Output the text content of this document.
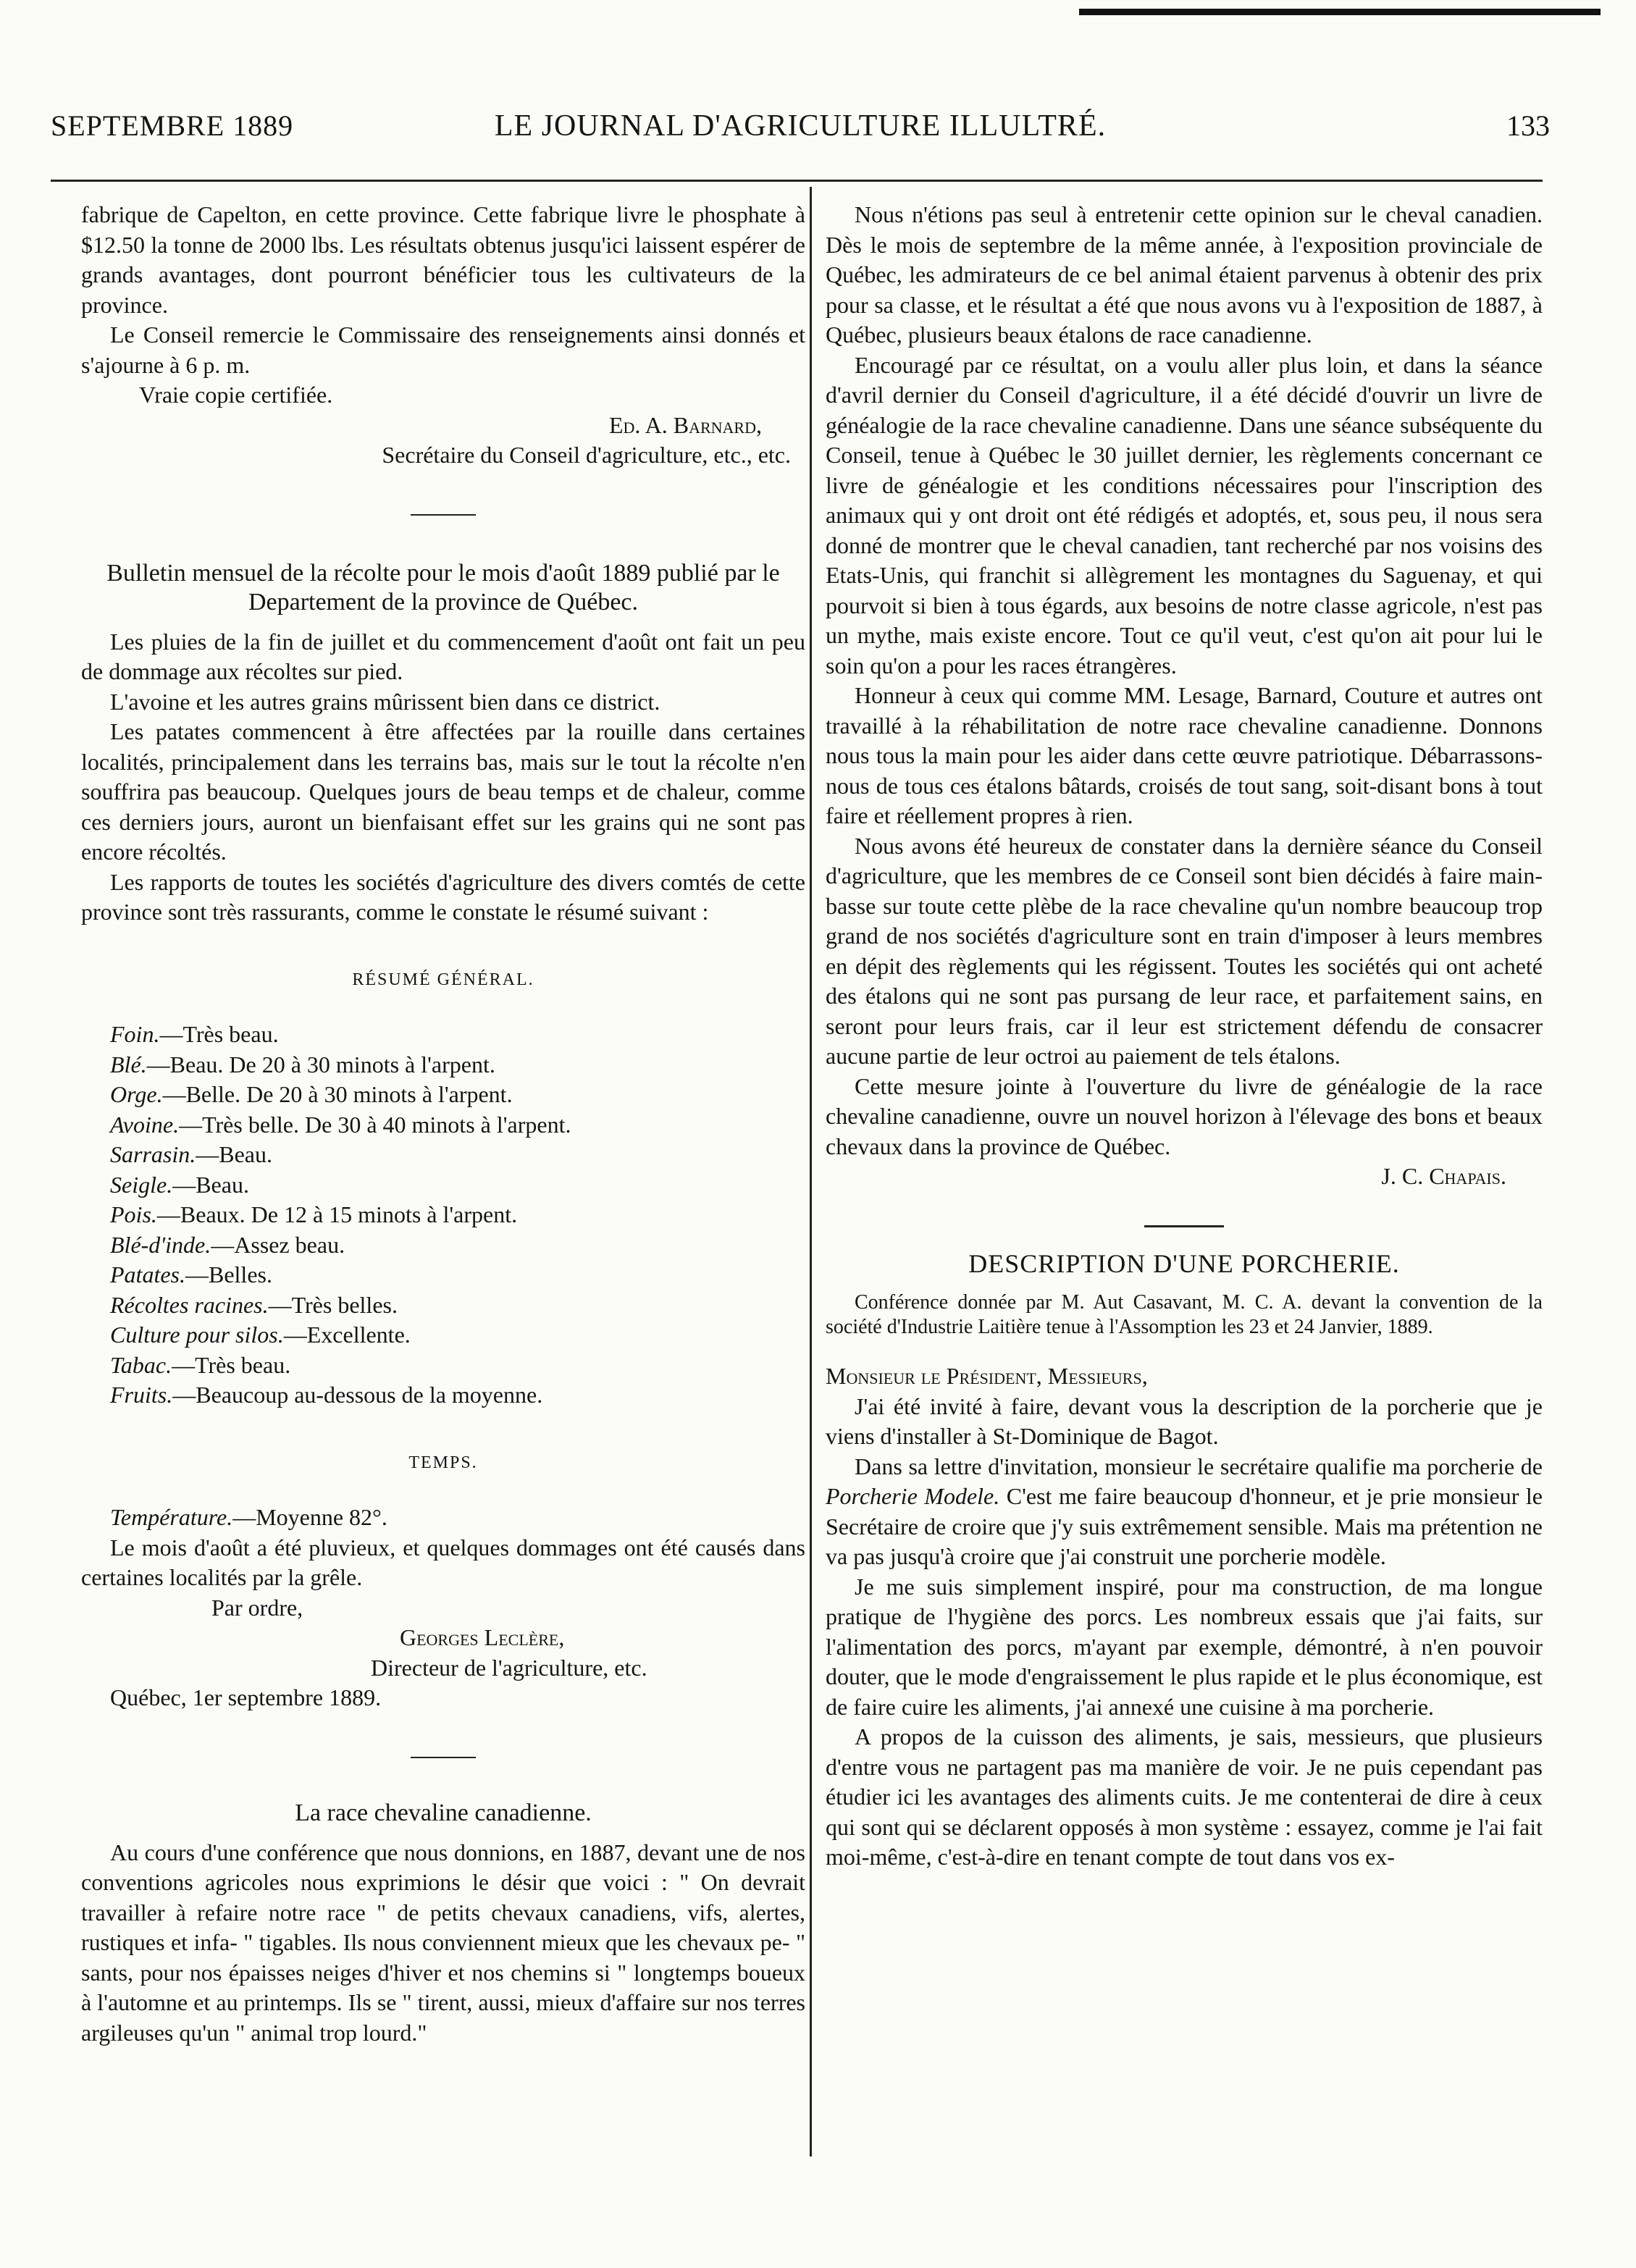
SEPTEMBRE 1889	LE JOURNAL D'AGRICULTURE ILLULTRÉ.	133

fabrique de Capelton, en cette province. Cette fabrique livre le phosphate à $12.50 la tonne de 2000 lbs. Les résultats obtenus jusqu'ici laissent espérer de grands avantages, dont pourront bénéficier tous les cultivateurs de la province.

Le Conseil remercie le Commissaire des renseignements ainsi donnés et s'ajourne à 6 p. m.

Vraie copie certifiée.

Ed. A. Barnard,

Secrétaire du Conseil d'agriculture, etc., etc.

Bulletin mensuel de la récolte pour le mois d'août 1889 publié par le Departement de la province de Québec.

Les pluies de la fin de juillet et du commencement d'août ont fait un peu de dommage aux récoltes sur pied.

L'avoine et les autres grains mûrissent bien dans ce district.

Les patates commencent à être affectées par la rouille dans certaines localités, principalement dans les terrains bas, mais sur le tout la récolte n'en souffrira pas beaucoup. Quelques jours de beau temps et de chaleur, comme ces derniers jours, auront un bienfaisant effet sur les grains qui ne sont pas encore récoltés.

Les rapports de toutes les sociétés d'agriculture des divers comtés de cette province sont très rassurants, comme le constate le résumé suivant :

RÉSUMÉ GÉNÉRAL.

Foin.—Très beau.

Blé.—Beau. De 20 à 30 minots à l'arpent.

Orge.—Belle. De 20 à 30 minots à l'arpent.

Avoine.—Très belle. De 30 à 40 minots à l'arpent.

Sarrasin.—Beau.

Seigle.—Beau.

Pois.—Beaux. De 12 à 15 minots à l'arpent.

Blé-d'inde.—Assez beau.

Patates.—Belles.

Récoltes racines.—Très belles.

Culture pour silos.—Excellente.

Tabac.—Très beau.

Fruits.—Beaucoup au-dessous de la moyenne.

TEMPS.

Température.—Moyenne 82°.

Le mois d'août a été pluvieux, et quelques dommages ont été causés dans certaines localités par la grêle.

Par ordre,

Georges Leclère,

Directeur de l'agriculture, etc.

Québec, 1er septembre 1889.

La race chevaline canadienne.

Au cours d'une conférence que nous donnions, en 1887, devant une de nos conventions agricoles nous exprimions le désir que voici : " On devrait travailler à refaire notre race " de petits chevaux canadiens, vifs, alertes, rustiques et infa- " tigables. Ils nous conviennent mieux que les chevaux pe- " sants, pour nos épaisses neiges d'hiver et nos chemins si " longtemps boueux à l'automne et au printemps. Ils se " tirent, aussi, mieux d'affaire sur nos terres argileuses qu'un " animal trop lourd."

Nous n'étions pas seul à entretenir cette opinion sur le cheval canadien. Dès le mois de septembre de la même année, à l'exposition provinciale de Québec, les admirateurs de ce bel animal étaient parvenus à obtenir des prix pour sa classe, et le résultat a été que nous avons vu à l'exposition de 1887, à Québec, plusieurs beaux étalons de race canadienne.

Encouragé par ce résultat, on a voulu aller plus loin, et dans la séance d'avril dernier du Conseil d'agriculture, il a été décidé d'ouvrir un livre de généalogie de la race chevaline canadienne. Dans une séance subséquente du Conseil, tenue à Québec le 30 juillet dernier, les règlements concernant ce livre de généalogie et les conditions nécessaires pour l'inscription des animaux qui y ont droit ont été rédigés et adoptés, et, sous peu, il nous sera donné de montrer que le cheval canadien, tant recherché par nos voisins des Etats-Unis, qui franchit si allègrement les montagnes du Saguenay, et qui pourvoit si bien à tous égards, aux besoins de notre classe agricole, n'est pas un mythe, mais existe encore. Tout ce qu'il veut, c'est qu'on ait pour lui le soin qu'on a pour les races étrangères.

Honneur à ceux qui comme MM. Lesage, Barnard, Couture et autres ont travaillé à la réhabilitation de notre race chevaline canadienne. Donnons nous tous la main pour les aider dans cette œuvre patriotique. Débarrassons-nous de tous ces étalons bâtards, croisés de tout sang, soit-disant bons à tout faire et réellement propres à rien.

Nous avons été heureux de constater dans la dernière séance du Conseil d'agriculture, que les membres de ce Conseil sont bien décidés à faire main-basse sur toute cette plèbe de la race chevaline qu'un nombre beaucoup trop grand de nos sociétés d'agriculture sont en train d'imposer à leurs membres en dépit des règlements qui les régissent. Toutes les sociétés qui ont acheté des étalons qui ne sont pas pursang de leur race, et parfaitement sains, en seront pour leurs frais, car il leur est strictement défendu de consacrer aucune partie de leur octroi au paiement de tels étalons.

Cette mesure jointe à l'ouverture du livre de généalogie de la race chevaline canadienne, ouvre un nouvel horizon à l'élevage des bons et beaux chevaux dans la province de Québec.

J. C. Chapais.

DESCRIPTION D'UNE PORCHERIE.

Conférence donnée par M. Aut Casavant, M. C. A. devant la convention de la société d'Industrie Laitière tenue à l'Assomption les 23 et 24 Janvier, 1889.

Monsieur le Président, Messieurs,

J'ai été invité à faire, devant vous la description de la porcherie que je viens d'installer à St-Dominique de Bagot.

Dans sa lettre d'invitation, monsieur le secrétaire qualifie ma porcherie de Porcherie Modele. C'est me faire beaucoup d'honneur, et je prie monsieur le Secrétaire de croire que j'y suis extrêmement sensible. Mais ma prétention ne va pas jusqu'à croire que j'ai construit une porcherie modèle.

Je me suis simplement inspiré, pour ma construction, de ma longue pratique de l'hygiène des porcs. Les nombreux essais que j'ai faits, sur l'alimentation des porcs, m'ayant par exemple, démontré, à n'en pouvoir douter, que le mode d'engraissement le plus rapide et le plus économique, est de faire cuire les aliments, j'ai annexé une cuisine à ma porcherie.

A propos de la cuisson des aliments, je sais, messieurs, que plusieurs d'entre vous ne partagent pas ma manière de voir. Je ne puis cependant pas étudier ici les avantages des aliments cuits. Je me contenterai de dire à ceux qui sont qui se déclarent opposés à mon système : essayez, comme je l'ai fait moi-même, c'est-à-dire en tenant compte de tout dans vos ex-
